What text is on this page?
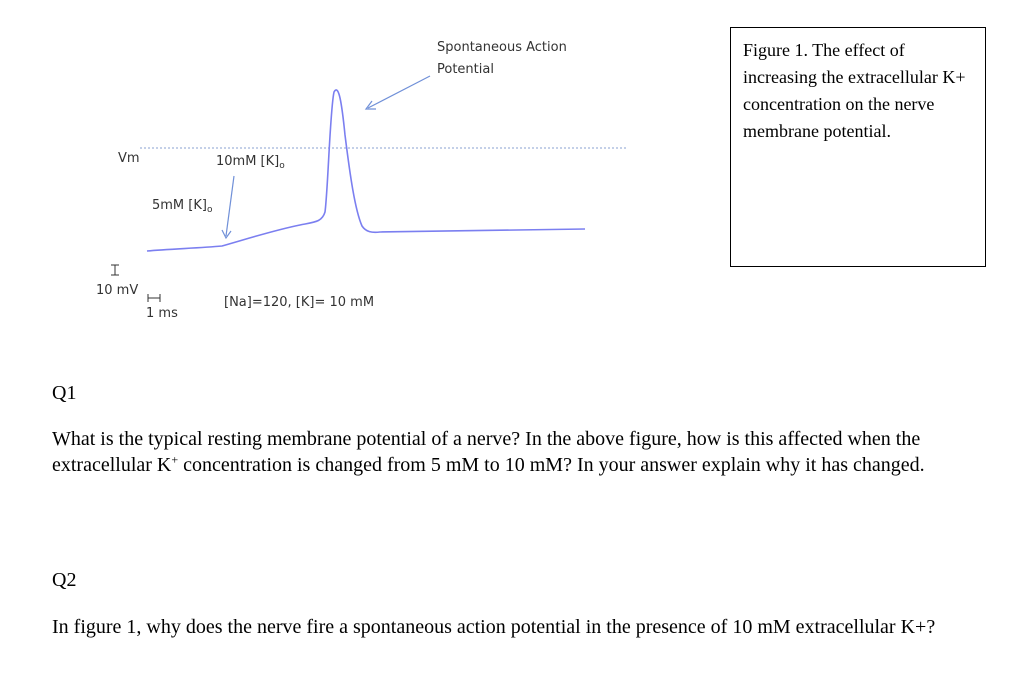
Vm	10mM $[K]_o$
5mM $[K]_o$
Spontaneous Action
Potential
10 mV
1 ms
[Na]=120, [K]= 10 mM
Figure 1. The effect of increasing the extracellular K+ concentration on the nerve membrane potential.
Q1
What is the typical resting membrane potential of a nerve? In the above figure, how is this affected when the extracellular K+ concentration is changed from 5 mM to 10 mM? In your answer explain why it has changed.
Q2
In figure 1, why does the nerve fire a spontaneous action potential in the presence of 10 mM extracellular K+?
